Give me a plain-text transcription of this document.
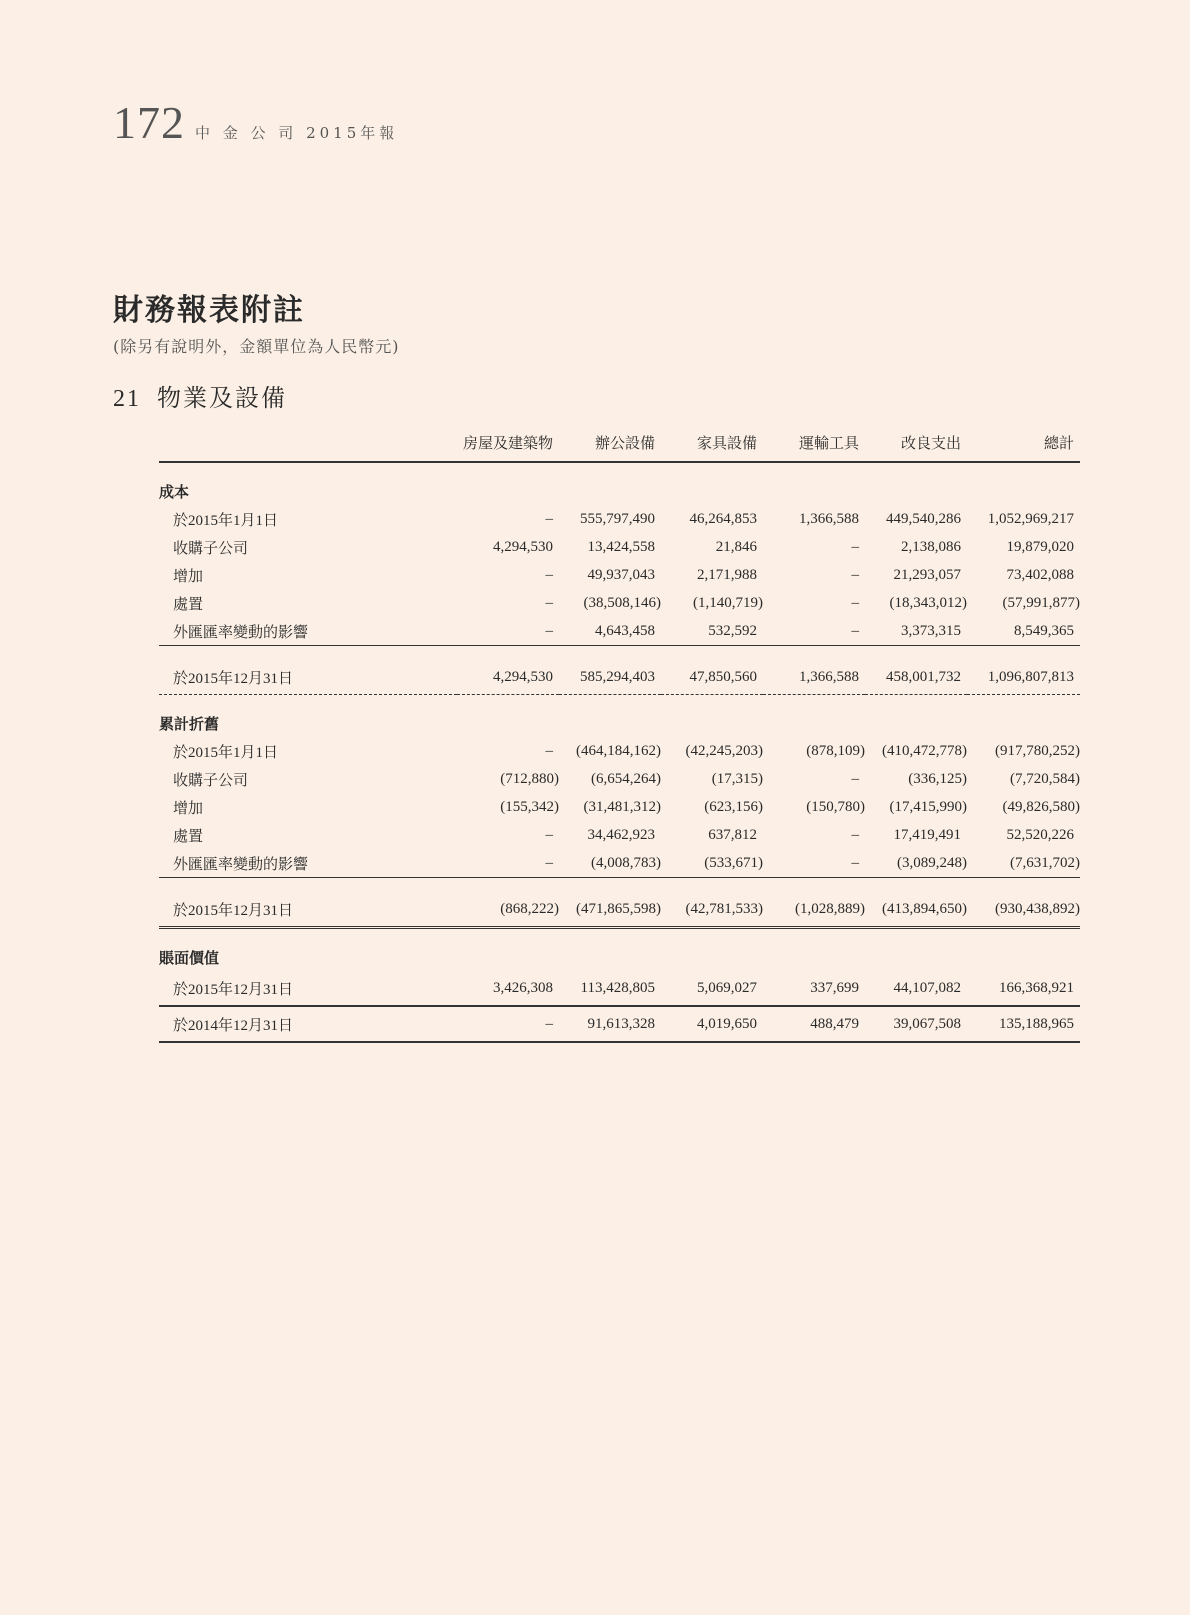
172 中 金 公 司 2015年報
財務報表附註
(除另有說明外，金額單位為人民幣元)
21 物業及設備
	房屋及建築物	辦公設備	家具設備	運輸工具	改良支出	總計

成本						
於2015年1月1日	–	555,797,490	46,264,853	1,366,588	449,540,286	1,052,969,217
收購子公司	4,294,530	13,424,558	21,846	–	2,138,086	19,879,020
增加	–	49,937,043	2,171,988	–	21,293,057	73,402,088
處置	–	(38,508,146)	(1,140,719)	–	(18,343,012)	(57,991,877)
外匯匯率變動的影響	–	4,643,458	532,592	–	3,373,315	8,549,365

於2015年12月31日	4,294,530	585,294,403	47,850,560	1,366,588	458,001,732	1,096,807,813

累計折舊						
於2015年1月1日	–	(464,184,162)	(42,245,203)	(878,109)	(410,472,778)	(917,780,252)
收購子公司	(712,880)	(6,654,264)	(17,315)	–	(336,125)	(7,720,584)
增加	(155,342)	(31,481,312)	(623,156)	(150,780)	(17,415,990)	(49,826,580)
處置	–	34,462,923	637,812	–	17,419,491	52,520,226
外匯匯率變動的影響	–	(4,008,783)	(533,671)	–	(3,089,248)	(7,631,702)

於2015年12月31日	(868,222)	(471,865,598)	(42,781,533)	(1,028,889)	(413,894,650)	(930,438,892)

賬面價值						
於2015年12月31日	3,426,308	113,428,805	5,069,027	337,699	44,107,082	166,368,921
於2014年12月31日	–	91,613,328	4,019,650	488,479	39,067,508	135,188,965
